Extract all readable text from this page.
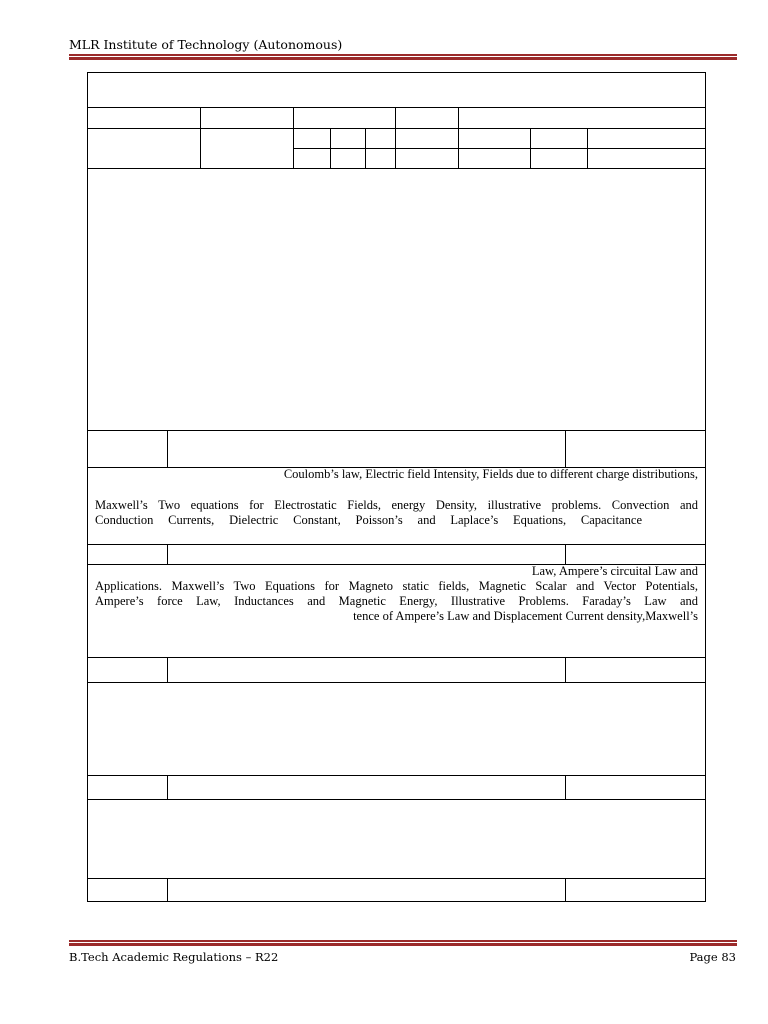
MLR Institute of Technology (Autonomous)
Coulomb’s law, Electric field Intensity, Fields due to different charge distributions,
Maxwell’s Two equations for Electrostatic Fields, energy Density, illustrative problems. Convection and
Conduction Currents, Dielectric Constant, Poisson’s and Laplace’s Equations, Capacitance
Law, Ampere’s circuital Law and
Applications. Maxwell’s Two Equations for Magneto static fields, Magnetic Scalar and Vector Potentials,
Ampere’s force Law, Inductances and Magnetic Energy, Illustrative Problems. Faraday’s Law and
tence of Ampere’s Law and Displacement Current density,Maxwell’s
B.Tech Academic Regulations – R22	Page 83
